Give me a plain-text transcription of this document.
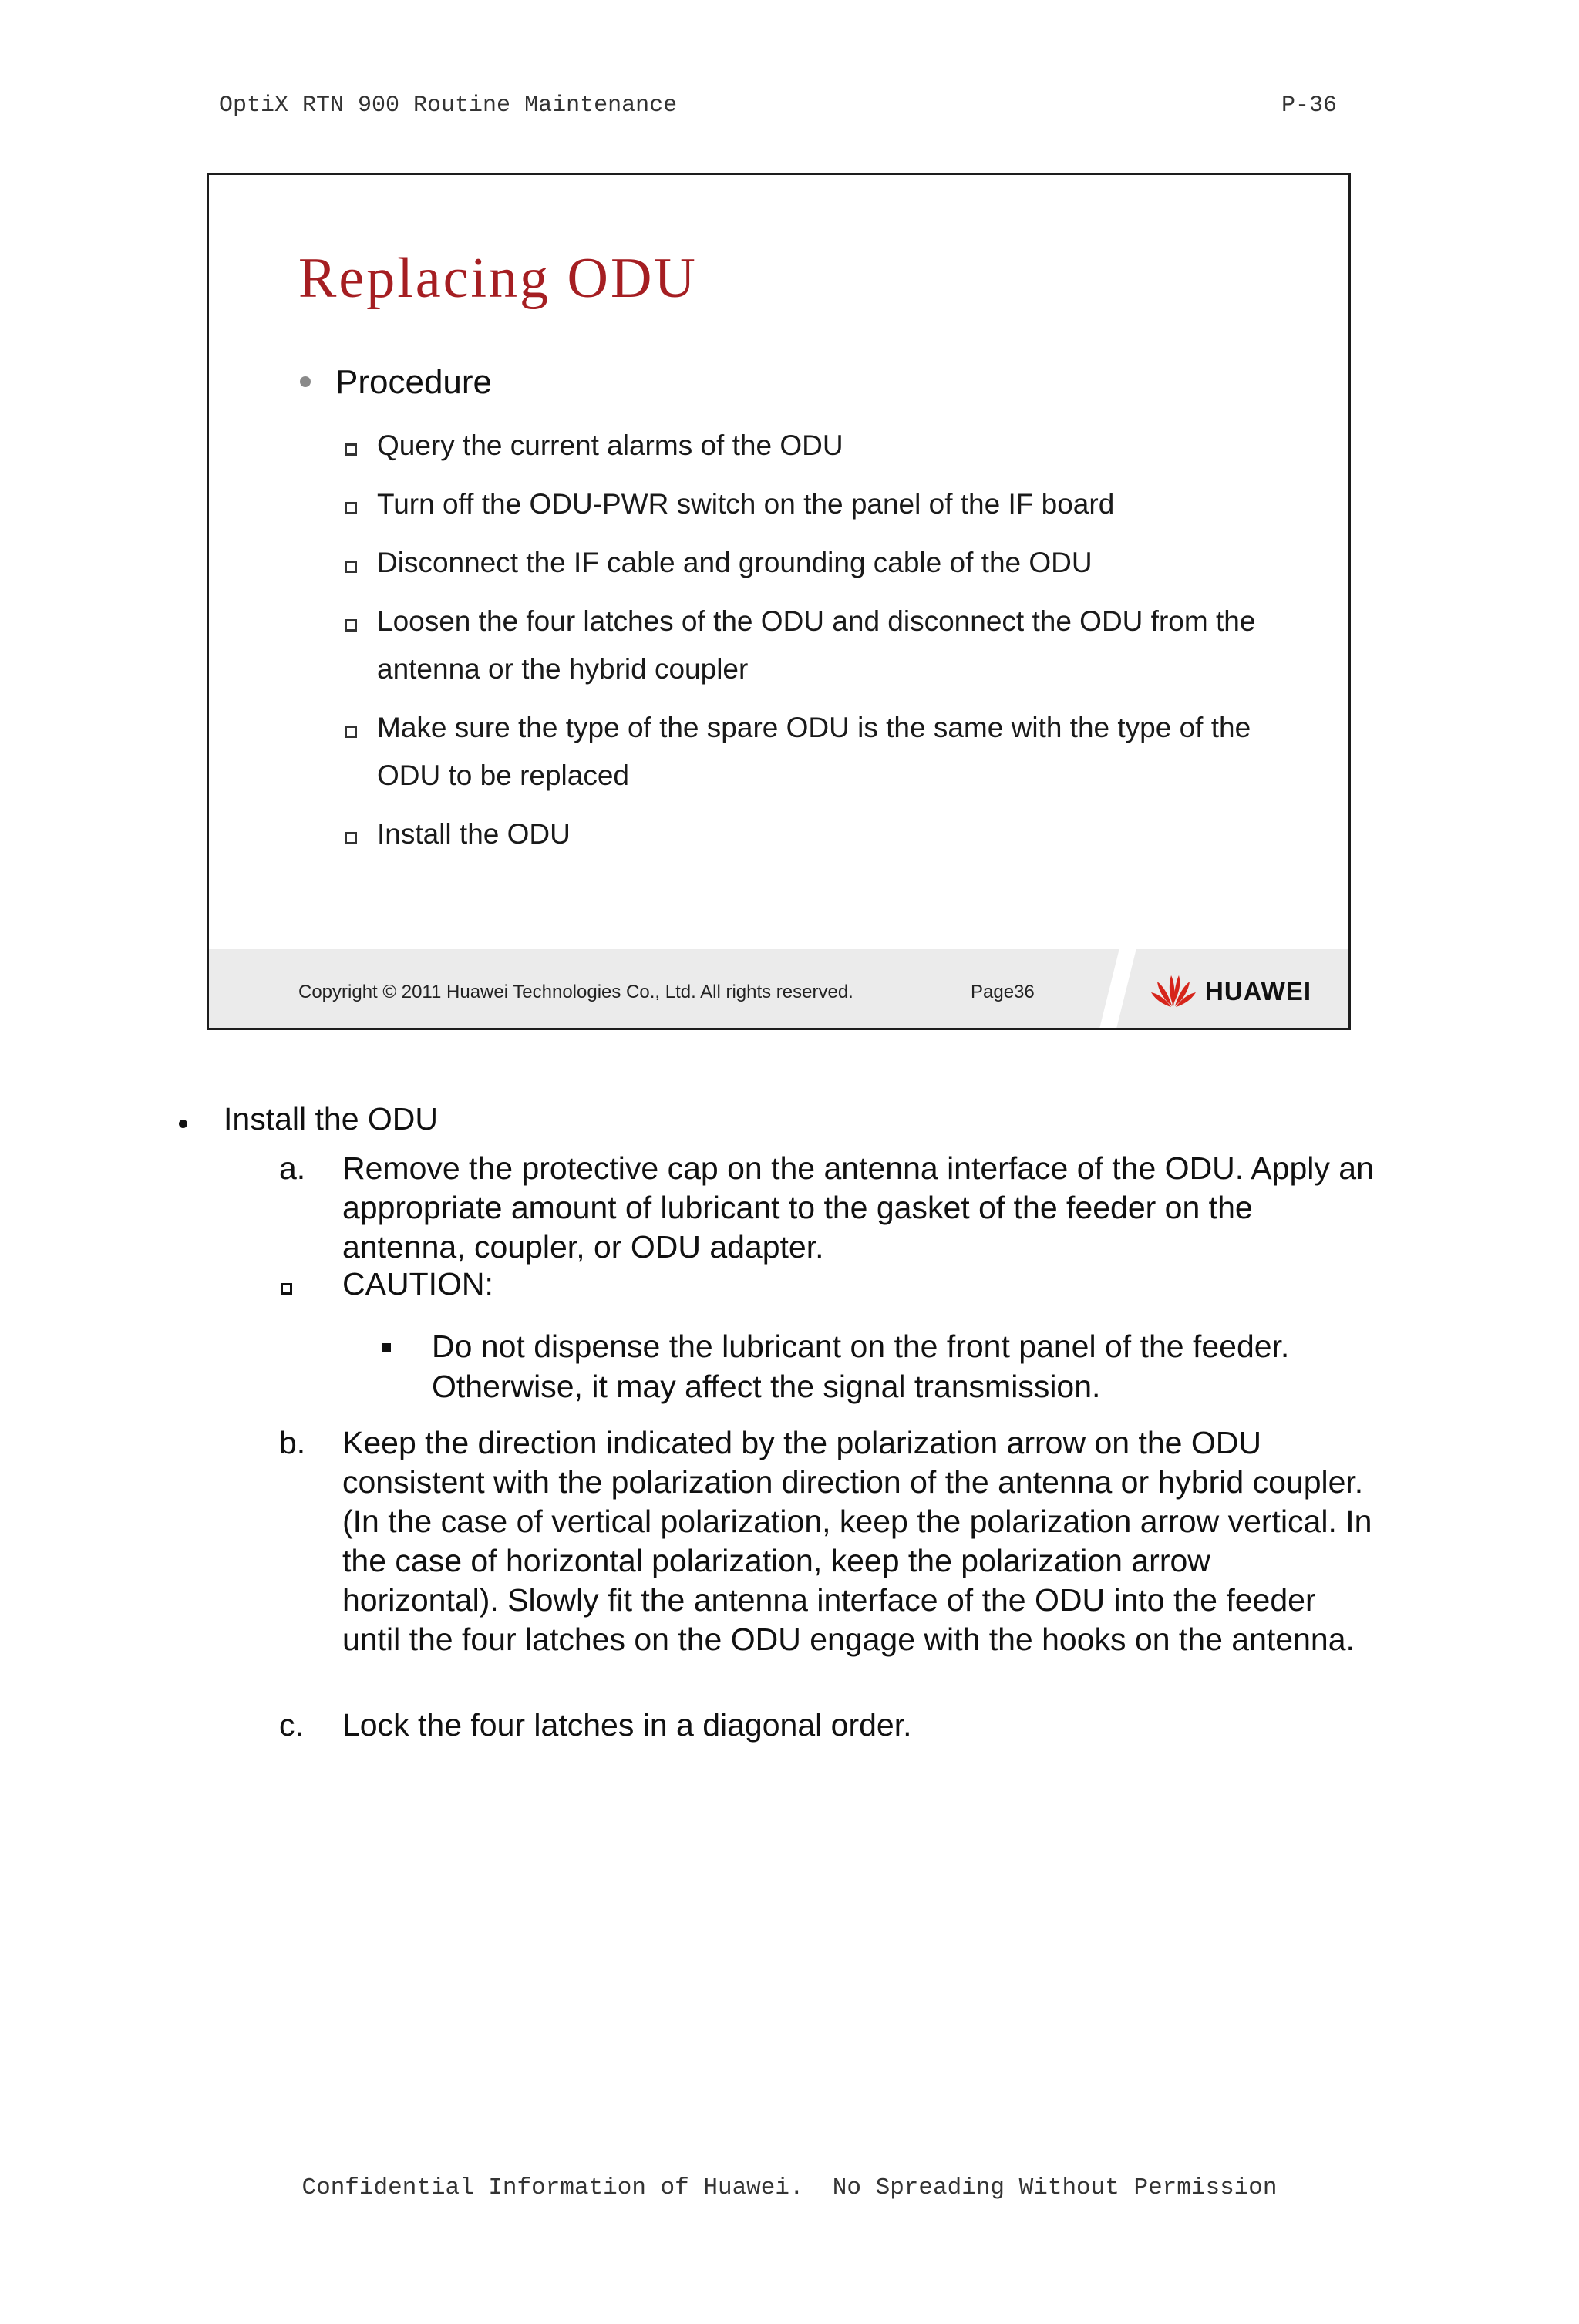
OptiX RTN 900 Routine Maintenance	P-36
Replacing ODU
Procedure
Query the current alarms of the ODU
Turn off the ODU-PWR switch on the panel of the IF board
Disconnect the IF cable and grounding cable of the ODU
Loosen the four latches of the ODU and disconnect the ODU from the antenna or the hybrid coupler
Make sure the type of the spare ODU is the same with the type of the ODU to be replaced
Install the ODU
Copyright © 2011 Huawei Technologies Co., Ltd. All rights reserved.	Page36	HUAWEI
Install the ODU
a. Remove the protective cap on the antenna interface of the ODU. Apply an appropriate amount of lubricant to the gasket of the feeder on the antenna, coupler, or ODU adapter.
CAUTION:
Do not dispense the lubricant on the front panel of the feeder. Otherwise, it may affect the signal transmission.
b. Keep the direction indicated by the polarization arrow on the ODU consistent with the polarization direction of the antenna or hybrid coupler. (In the case of vertical polarization, keep the polarization arrow vertical. In the case of horizontal polarization, keep the polarization arrow horizontal). Slowly fit the antenna interface of the ODU into the feeder until the four latches on the ODU engage with the hooks on the antenna.
c. Lock the four latches in a diagonal order.
Confidential Information of Huawei.  No Spreading Without Permission
